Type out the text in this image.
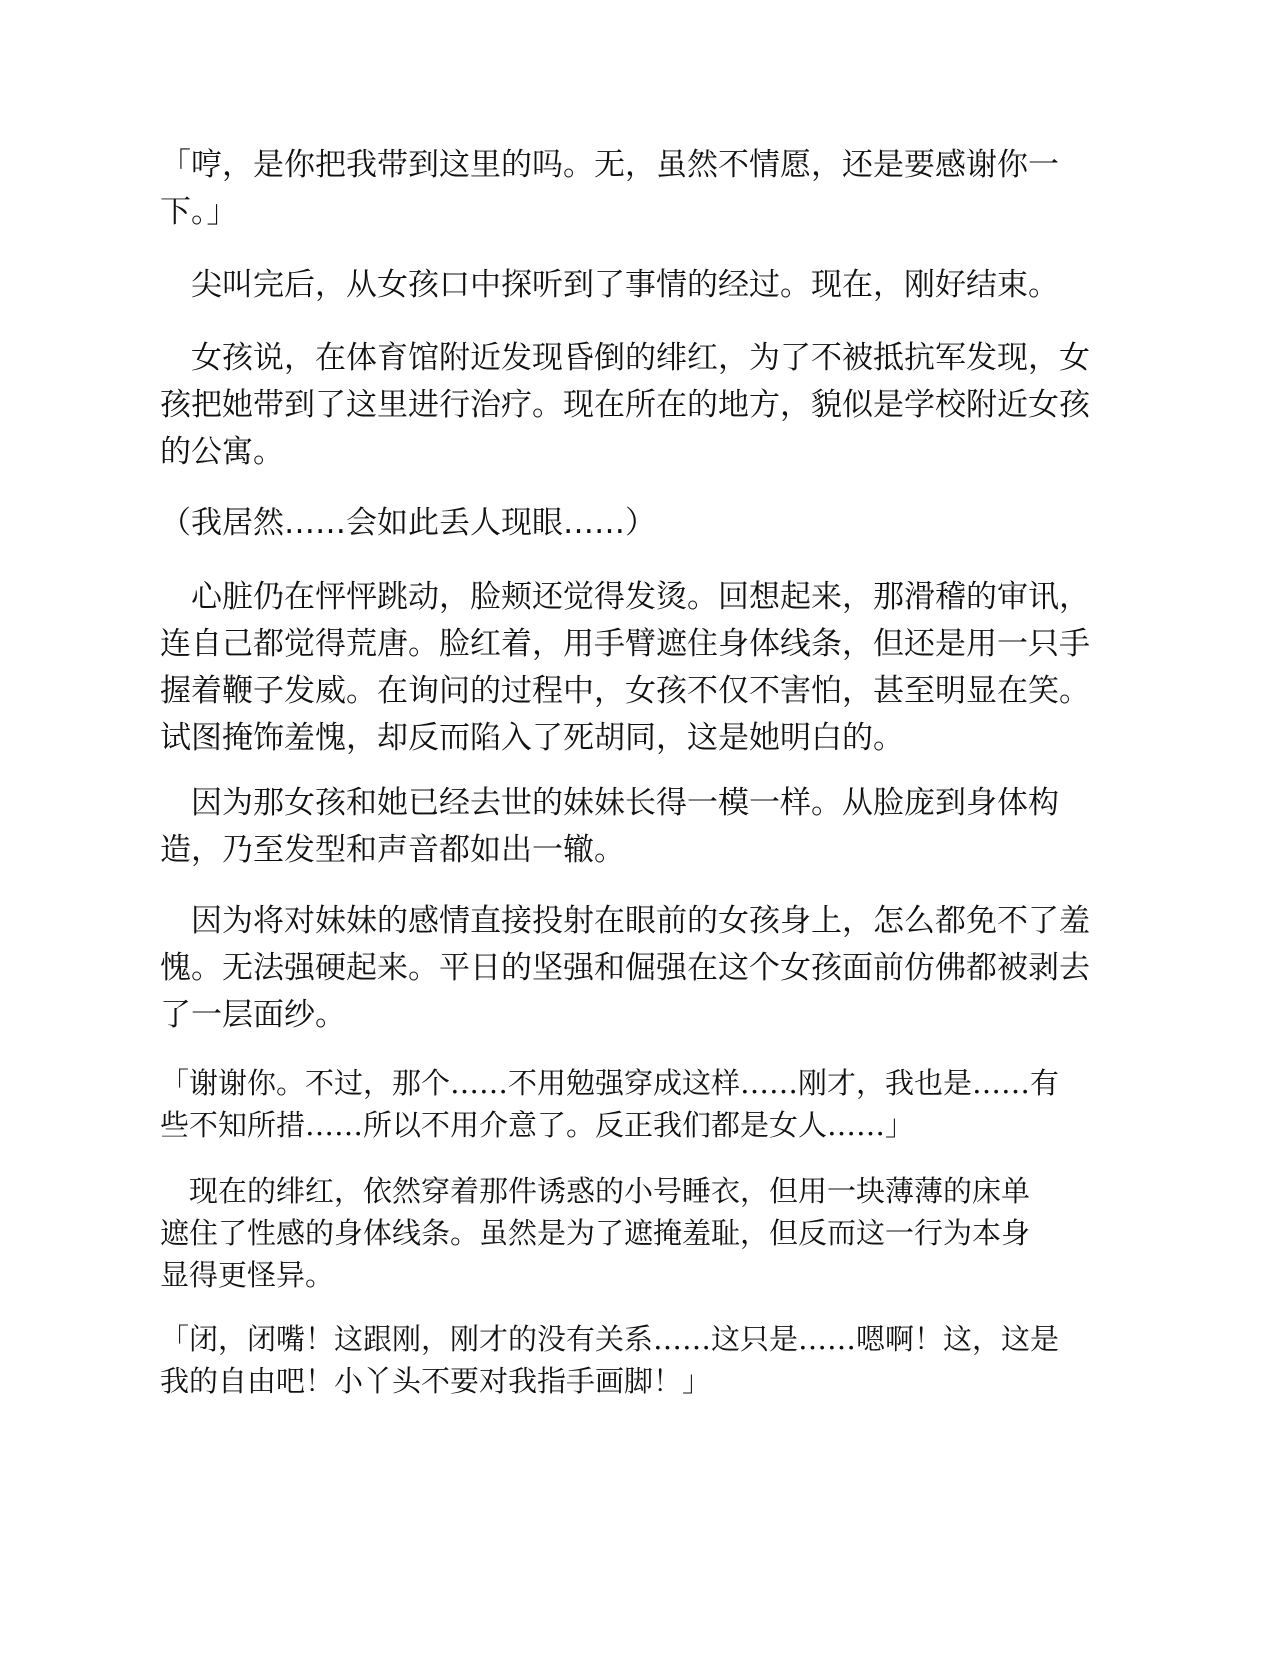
「哼，是你把我带到这里的吗。无，虽然不情愿，还是要感谢你一
下。」

　尖叫完后，从女孩口中探听到了事情的经过。现在，刚好结束。

　女孩说，在体育馆附近发现昏倒的绯红，为了不被抵抗军发现，女
孩把她带到了这里进行治疗。现在所在的地方，貌似是学校附近女孩
的公寓。

（我居然……会如此丢人现眼……）

　心脏仍在怦怦跳动，脸颊还觉得发烫。回想起来，那滑稽的审讯，
连自己都觉得荒唐。脸红着，用手臂遮住身体线条，但还是用一只手
握着鞭子发威。在询问的过程中，女孩不仅不害怕，甚至明显在笑。
试图掩饰羞愧，却反而陷入了死胡同，这是她明白的。

　因为那女孩和她已经去世的妹妹长得一模一样。从脸庞到身体构
造，乃至发型和声音都如出一辙。

　因为将对妹妹的感情直接投射在眼前的女孩身上，怎么都免不了羞
愧。无法强硬起来。平日的坚强和倔强在这个女孩面前仿佛都被剥去
了一层面纱。

「谢谢你。不过，那个……不用勉强穿成这样……刚才，我也是……有
些不知所措……所以不用介意了。反正我们都是女人……」

　现在的绯红，依然穿着那件诱惑的小号睡衣，但用一块薄薄的床单
遮住了性感的身体线条。虽然是为了遮掩羞耻，但反而这一行为本身
显得更怪异。

「闭，闭嘴！这跟刚，刚才的没有关系……这只是……嗯啊！这，这是
我的自由吧！小丫头不要对我指手画脚！」
